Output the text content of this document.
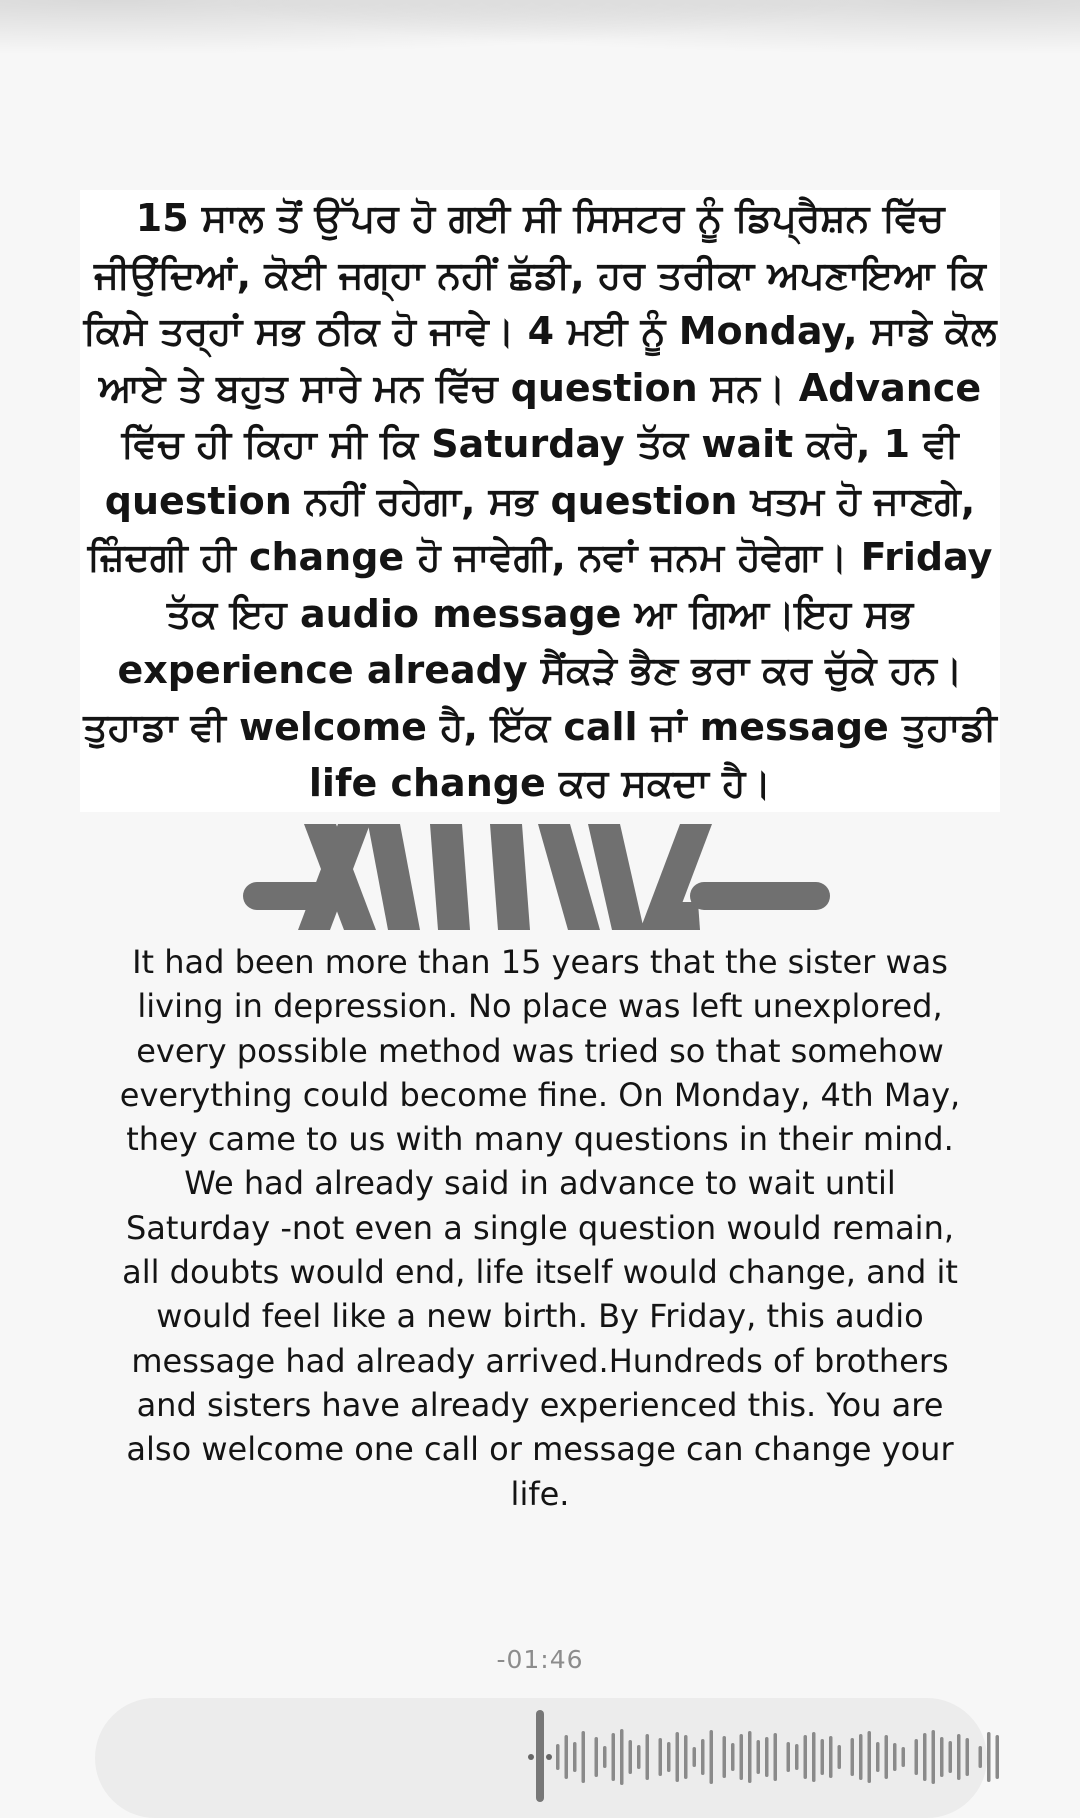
15 ਸਾਲ ਤੋਂ ਉੱਪਰ ਹੋ ਗਈ ਸੀ ਸਿਸਟਰ ਨੂੰ ਡਿਪ੍ਰੈਸ਼ਨ ਵਿੱਚ ਜੀਉਂਦਿਆਂ, ਕੋਈ ਜਗ੍ਹਾ ਨਹੀਂ ਛੱਡੀ, ਹਰ ਤਰੀਕਾ ਅਪਣਾਇਆ ਕਿ ਕਿਸੇ ਤਰ੍ਹਾਂ ਸਭ ਠੀਕ ਹੋ ਜਾਵੇ। 4 ਮਈ ਨੂੰ Monday, ਸਾਡੇ ਕੋਲ ਆਏ ਤੇ ਬਹੁਤ ਸਾਰੇ ਮਨ ਵਿੱਚ question ਸਨ। Advance ਵਿੱਚ ਹੀ ਕਿਹਾ ਸੀ ਕਿ Saturday ਤੱਕ wait ਕਰੋ, 1 ਵੀ question ਨਹੀਂ ਰਹੇਗਾ, ਸਭ question ਖਤਮ ਹੋ ਜਾਣਗੇ, ਜ਼ਿੰਦਗੀ ਹੀ change ਹੋ ਜਾਵੇਗੀ, ਨਵਾਂ ਜਨਮ ਹੋਵੇਗਾ। Friday ਤੱਕ ਇਹ audio message ਆ ਗਿਆ।ਇਹ ਸਭ experience already ਸੈਂਕੜੇ ਭੈਣ ਭਰਾ ਕਰ ਚੁੱਕੇ ਹਨ। ਤੁਹਾਡਾ ਵੀ welcome ਹੈ, ਇੱਕ call ਜਾਂ message ਤੁਹਾਡੀ life change ਕਰ ਸਕਦਾ ਹੈ।

It had been more than 15 years that the sister was living in depression. No place was left unexplored, every possible method was tried so that somehow everything could become fine. On Monday, 4th May, they came to us with many questions in their mind. We had already said in advance to wait until Saturday -not even a single question would remain, all doubts would end, life itself would change, and it would feel like a new birth. By Friday, this audio message had already arrived.Hundreds of brothers and sisters have already experienced this. You are also welcome one call or message can change your life.

-01:46
